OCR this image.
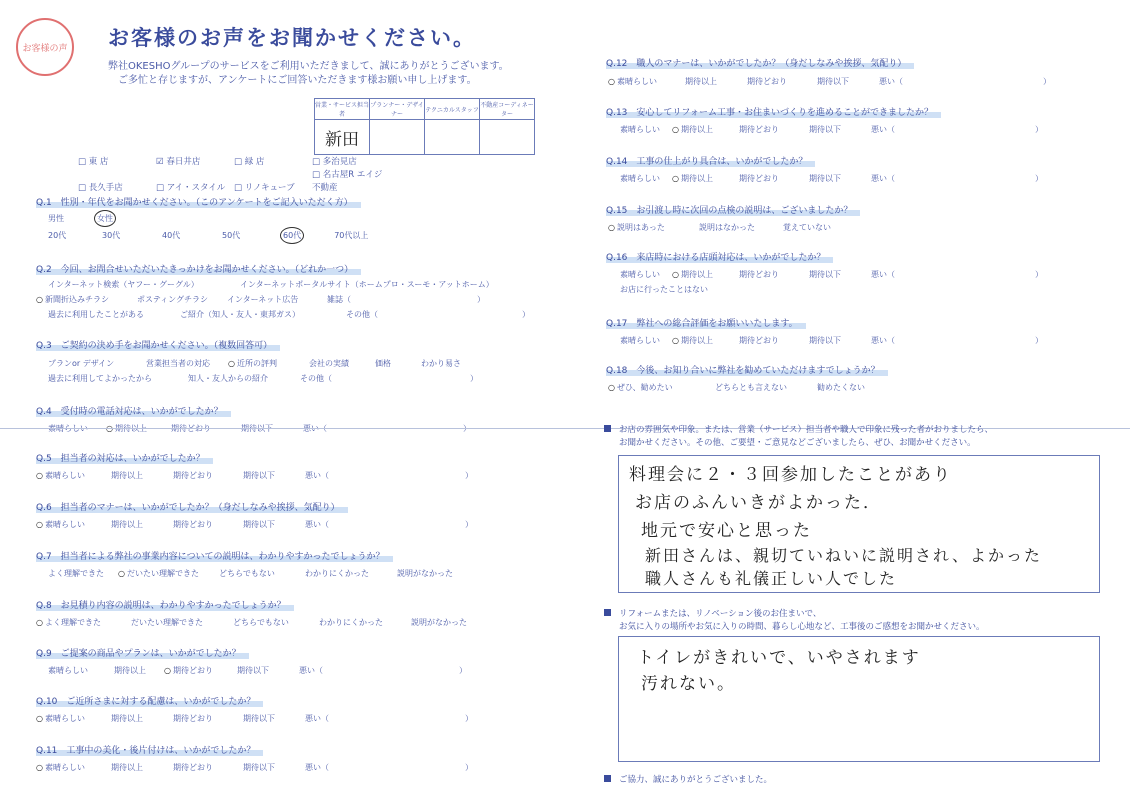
お客様の声	お客様のお声をお聞かせください。
弊社OKESHOグループのサービスをご利用いただきまして、誠にありがとうございます。
ご多忙と存じますが、アンケートにご回答いただきます様お願い申し上げます。
営業・サービス担当者	プランナー・デザイナー	テクニカルスタッフ	不動産コーディネーター
新田			
□ 東 店	☑ 春日井店	□ 緑 店	□ 多治見店
□ 長久手店	□ アイ・スタイル □ リノキューブ□ 名古屋R エイジ不動産
Q.1　性別・年代をお聞かせください。（このアンケートをご記入いただく方）
男性	女性
20代	30代	40代	50代	60代	70代以上
Q.2　今回、お問合せいただいたきっかけをお聞かせください。（どれか一つ）
インターネット検索（ヤフー・グーグル）	インターネットポータルサイト（ホームプロ・スーモ・アットホーム）
○ 新聞折込みチラシ	ポスティングチラシ インターネット広告	雑誌（	）
過去に利用したことがある	ご紹介（知人・友人・東邦ガス）	その他（	）
Q.3　ご契約の決め手をお聞かせください。（複数回答可）
プランor デザイン	営業担当者の対応 ○ 近所の評判	会社の実績	価格	わかり易さ
過去に利用してよかったから	知人・友人からの紹介	その他（	）
Q.4　受付時の電話対応は、いかがでしたか？
素晴らしい ○ 期待以上	期待どおり	期待以下	悪い（	）
Q.5　担当者の対応は、いかがでしたか？
○ 素晴らしい	期待以上	期待どおり	期待以下	悪い（	）
Q.6　担当者のマナーは、いかがでしたか？（身だしなみや挨拶、気配り）
○ 素晴らしい	期待以上	期待どおり	期待以下	悪い（	）
Q.7　担当者による弊社の事業内容についての説明は、わかりやすかったでしょうか？
よく理解できた ○ だいたい理解できた	どちらでもない	わかりにくかった	説明がなかった
Q.8　お見積り内容の説明は、わかりやすかったでしょうか？
○ よく理解できた	だいたい理解できた	どちらでもない	わかりにくかった	説明がなかった
Q.9　ご提案の商品やプランは、いかがでしたか？
素晴らしい	期待以上 ○ 期待どおり	期待以下	悪い（	）
Q.10　ご近所さまに対する配慮は、いかがでしたか？
○ 素晴らしい	期待以上	期待どおり	期待以下	悪い（	）
Q.11　工事中の美化・後片付けは、いかがでしたか？
○ 素晴らしい	期待以上	期待どおり	期待以下	悪い（	）
Q.12　職人のマナーは、いかがでしたか？（身だしなみや挨拶、気配り）
○ 素晴らしい	期待以上	期待どおり	期待以下	悪い（	）
Q.13　安心してリフォーム工事・お住まいづくりを進めることができましたか？
素晴らしい ○ 期待以上	期待どおり	期待以下	悪い（	）
Q.14　工事の仕上がり具合は、いかがでしたか？
素晴らしい ○ 期待以上	期待どおり	期待以下	悪い（	）
Q.15　お引渡し時に次回の点検の説明は、ございましたか？
○ 説明はあった	説明はなかった	覚えていない
Q.16　来店時における店頭対応は、いかがでしたか？
素晴らしい ○ 期待以上	期待どおり	期待以下	悪い（	）
お店に行ったことはない
Q.17　弊社への総合評価をお願いいたします。
素晴らしい ○ 期待以上	期待どおり	期待以下	悪い（	）
Q.18　今後、お知り合いに弊社を勧めていただけますでしょうか？
○ ぜひ、勧めたい	どちらとも言えない	勧めたくない
お店の雰囲気や印象。または、営業（サービス）担当者や職人で印象に残った者がおりましたら、
お聞かせください。その他、ご要望・ご意見などございましたら、ぜひ、お聞かせください。
料理会に２・３回参加したことがあり
お店のふんいきがよかった．
地元で安心と思った
新田さんは、親切ていねいに説明され、よかった
職人さんも礼儀正しい人でした
リフォームまたは、リノベーション後のお住まいで、
お気に入りの場所やお気に入りの時間、暮らし心地など、工事後のご感想をお聞かせください。
トイレがきれいで、いやされます
汚れない。
ご協力、誠にありがとうございました。
